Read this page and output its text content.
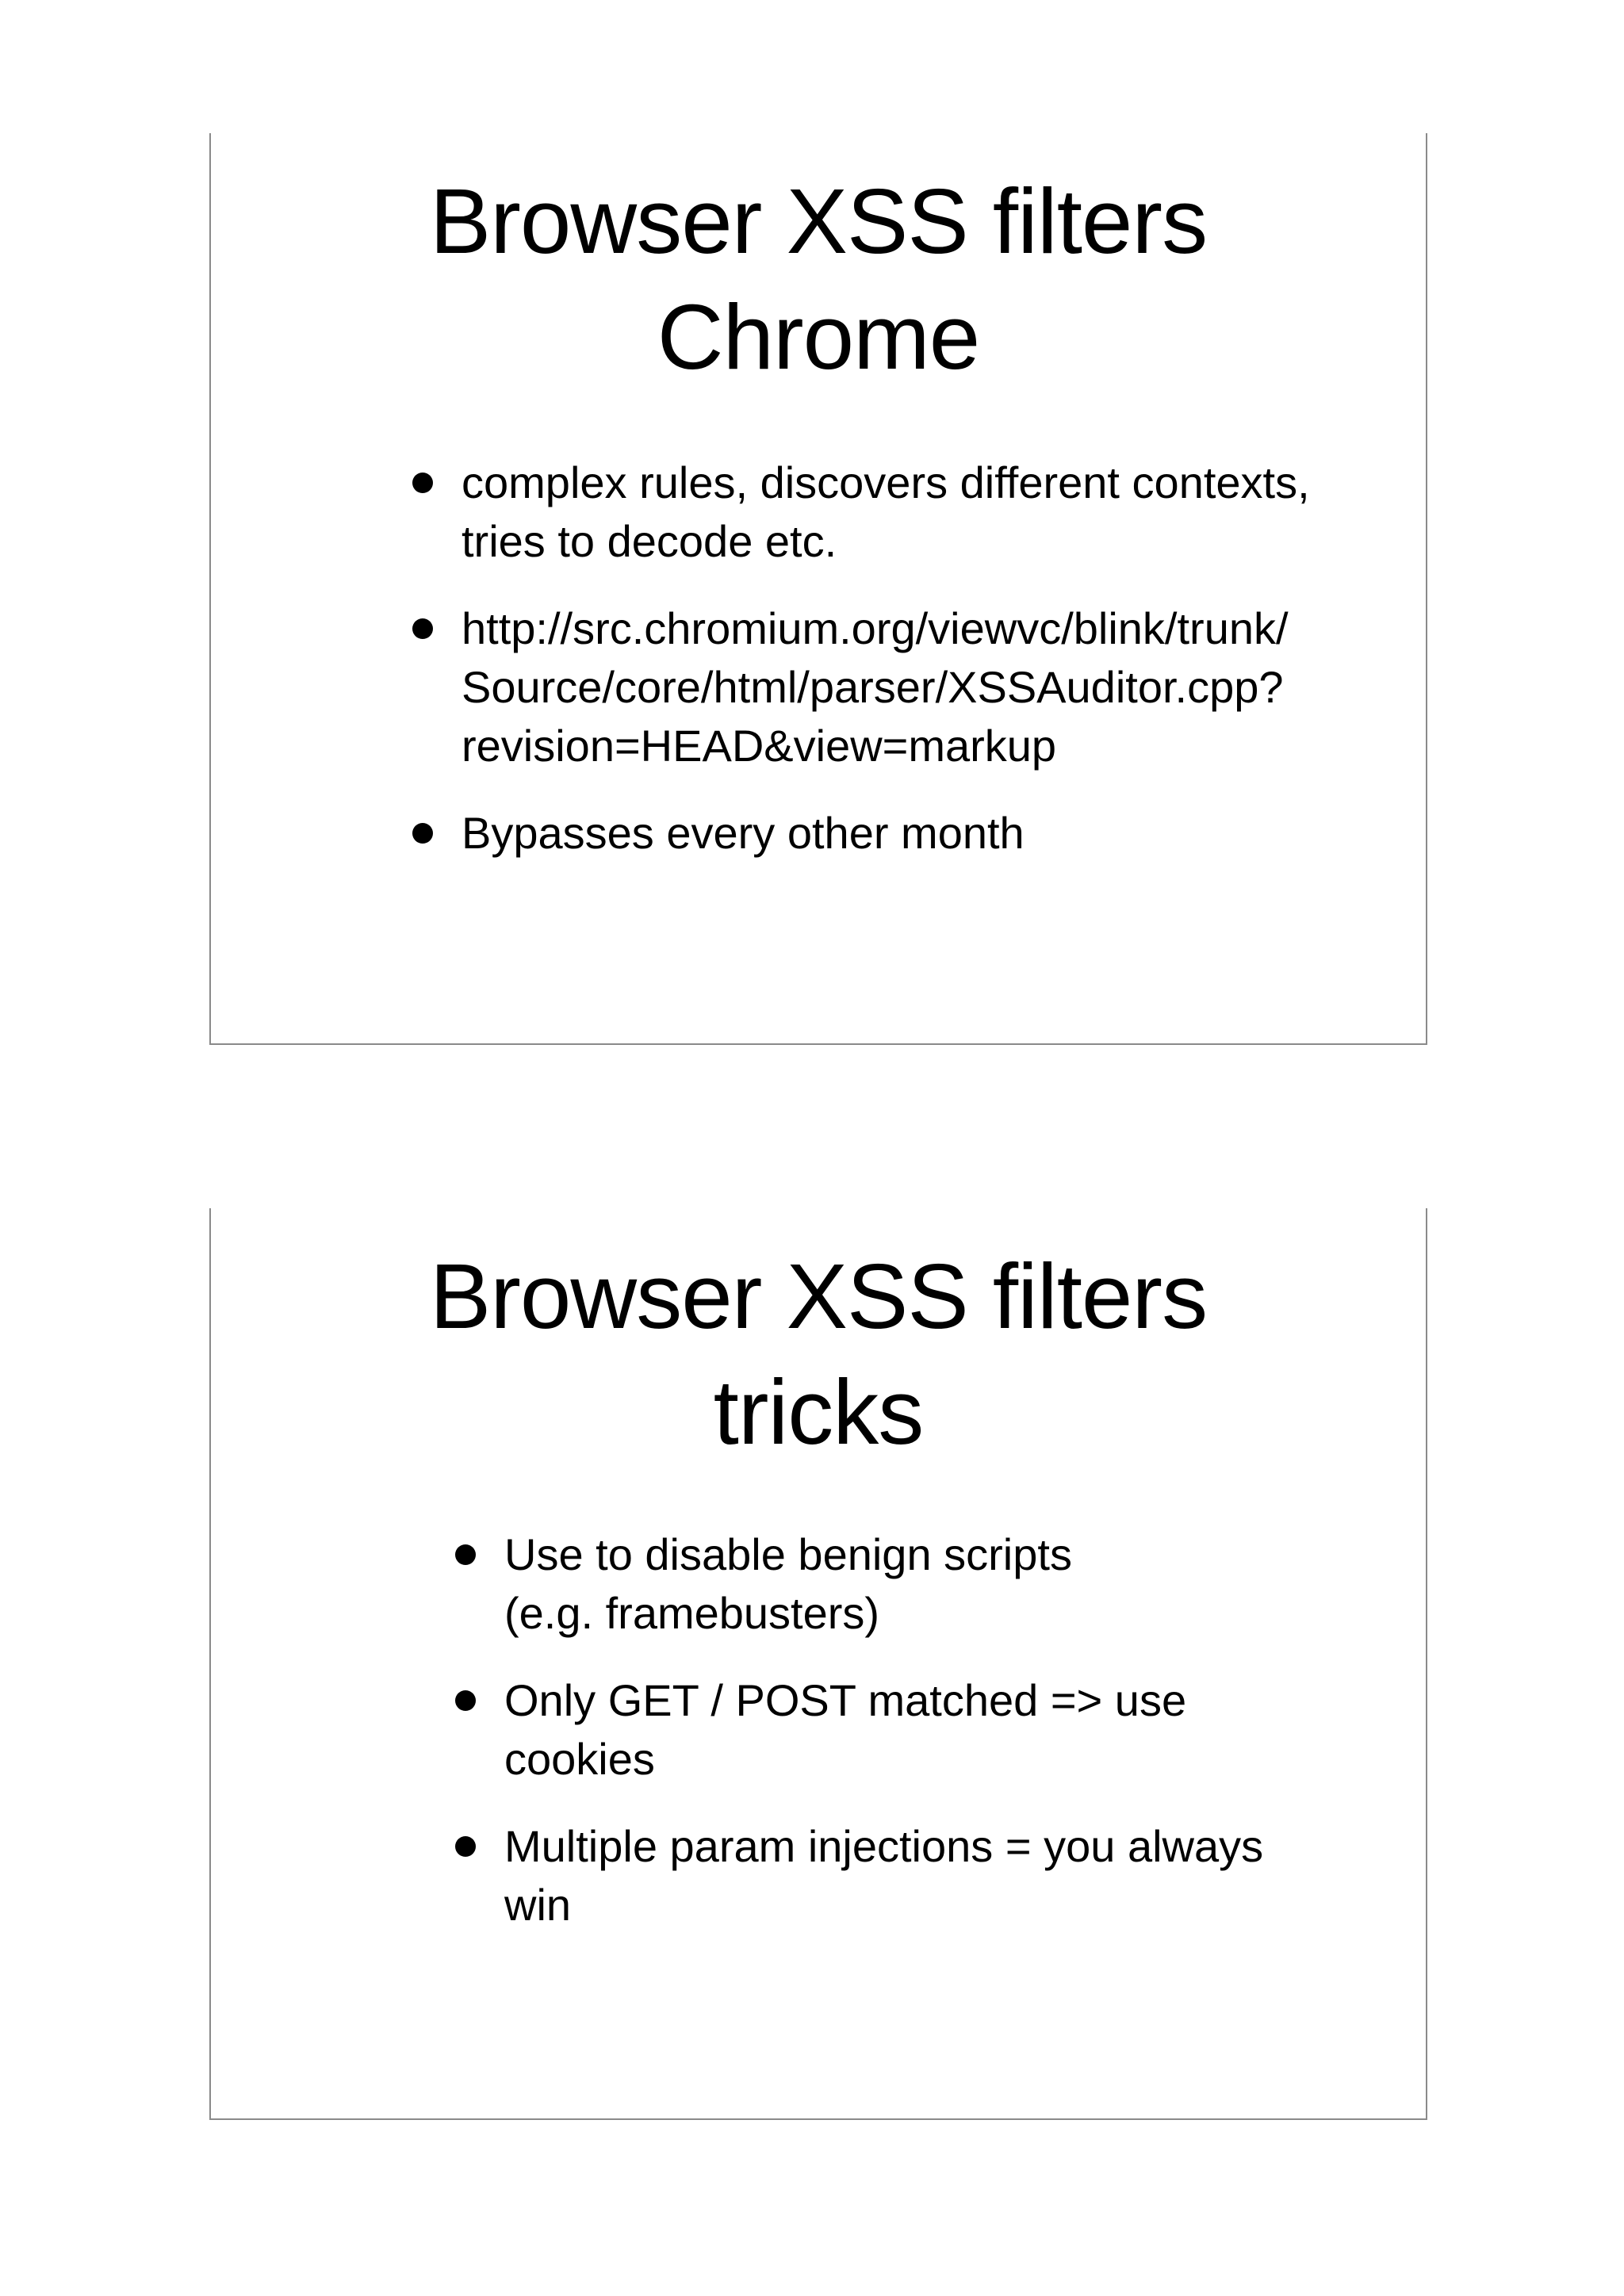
Browser XSS filters
Chrome
complex rules, discovers different contexts,
tries to decode etc.
http://src.chromium.org/viewvc/blink/trunk/
Source/core/html/parser/XSSAuditor.cpp?
revision=HEAD&view=markup
Bypasses every other month
Browser XSS filters
tricks
Use to disable benign scripts
(e.g. framebusters)
Only GET / POST matched => use
cookies
Multiple param injections = you always
win
